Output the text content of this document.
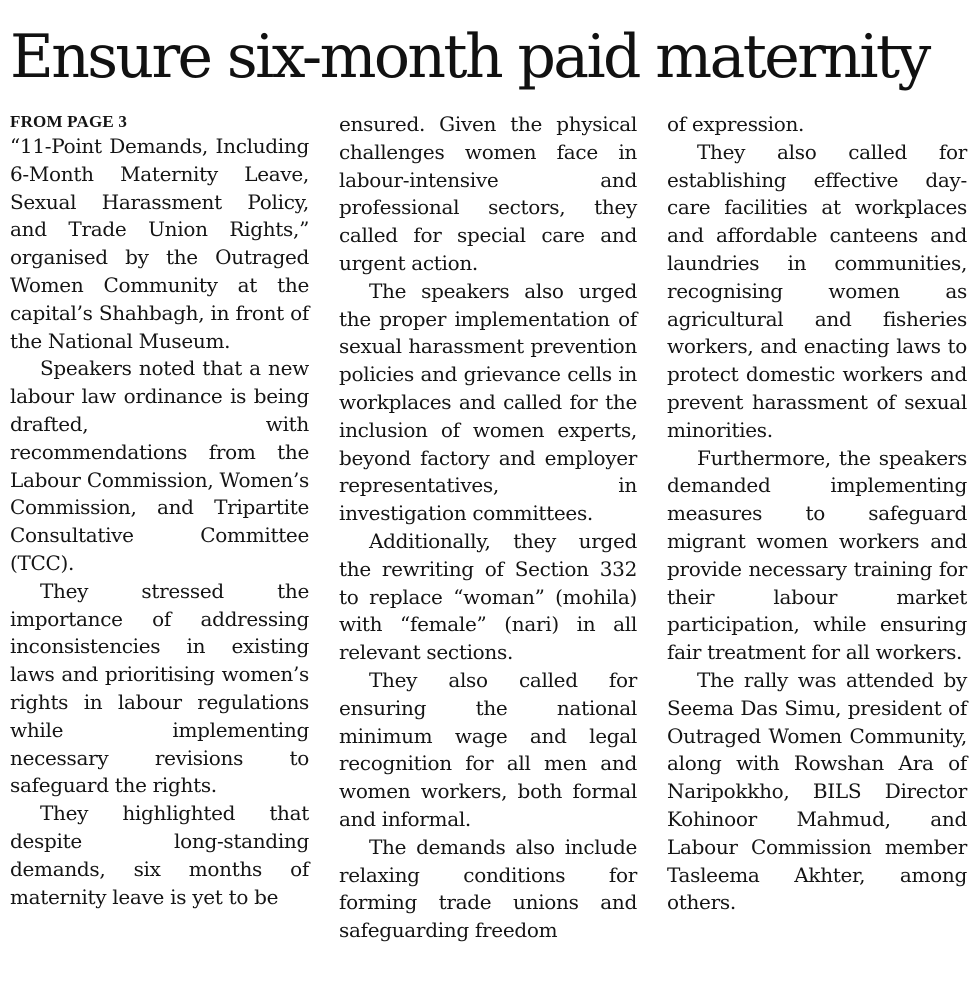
Ensure six-month paid maternity
FROM PAGE 3

“11-Point Demands, Including 6-Month Maternity Leave, Sexual Harassment Policy, and Trade Union Rights,” organised by the Outraged Women Community at the capital’s Shahbagh, in front of the National Museum.

Speakers noted that a new labour law ordinance is being drafted, with recommendations from the Labour Commission, Women’s Commission, and Tripartite Consultative Committee (TCC).

They stressed the importance of addressing inconsistencies in existing laws and prioritising women’s rights in labour regulations while implementing necessary revisions to safeguard the rights.

They highlighted that despite long-standing demands, six months of maternity leave is yet to be

ensured. Given the physical challenges women face in labour-intensive and professional sectors, they called for special care and urgent action.

The speakers also urged the proper implementation of sexual harassment prevention policies and grievance cells in workplaces and called for the inclusion of women experts, beyond factory and employer representatives, in investigation committees.

Additionally, they urged the rewriting of Section 332 to replace “woman” (mohila) with “female” (nari) in all relevant sections.

They also called for ensuring the national minimum wage and legal recognition for all men and women workers, both formal and informal.

The demands also include relaxing conditions for forming trade unions and safeguarding freedom

of expression.

They also called for establishing effective day-care facilities at workplaces and affordable canteens and laundries in communities, recognising women as agricultural and fisheries workers, and enacting laws to protect domestic workers and prevent harassment of sexual minorities.

Furthermore, the speakers demanded implementing measures to safeguard migrant women workers and provide necessary training for their labour market participation, while ensuring fair treatment for all workers.

The rally was attended by Seema Das Simu, president of Outraged Women Community, along with Rowshan Ara of Naripokkho, BILS Director Kohinoor Mahmud, and Labour Commission member Tasleema Akhter, among others.
